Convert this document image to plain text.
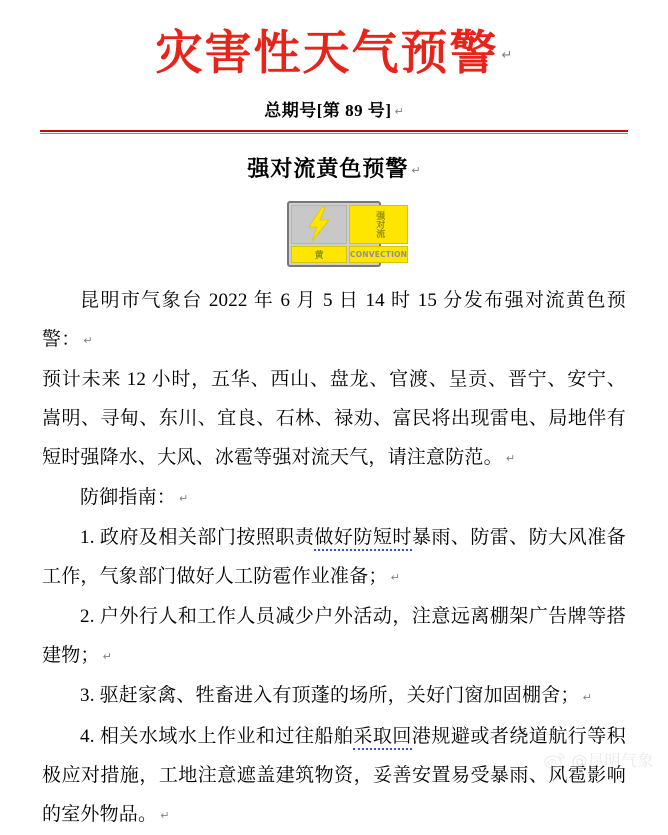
灾害性天气预警 ↵
总期号[第 89 号] ↵
强对流黄色预警 ↵
强对流
黄	CONVECTION

昆明市气象台 2022 年 6 月 5 日 14 时 15 分发布强对流黄色预警： ↵

预计未来 12 小时，五华、西山、盘龙、官渡、呈贡、晋宁、安宁、嵩明、寻甸、东川、宜良、石林、禄劝、富民将出现雷电、局地伴有短时强降水、大风、冰雹等强对流天气，请注意防范。 ↵

防御指南： ↵

1. 政府及相关部门按照职责做好防短时暴雨、防雷、防大风准备工作，气象部门做好人工防雹作业准备； ↵

2. 户外行人和工作人员减少户外活动，注意远离棚架广告牌等搭建物； ↵

3. 驱赶家禽、牲畜进入有顶蓬的场所，关好门窗加固棚舍； ↵

4. 相关水域水上作业和过往船舶采取回港规避或者绕道航行等积极应对措施，工地注意遮盖建筑物资，妥善安置易受暴雨、风雹影响的室外物品。 ↵

@昆明气象
